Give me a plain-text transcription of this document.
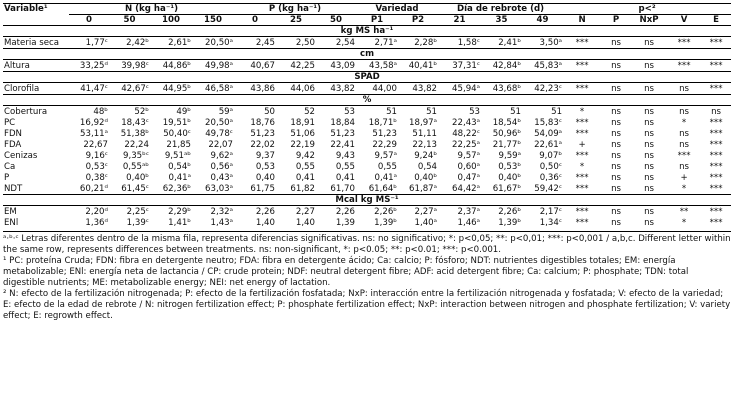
Variable¹	N (kg ha⁻¹)				P (kg ha⁻¹)			Variedad		Día de rebrote (d)			p<²				
	0	50	100	150	0	25	50	P1	P2	21	35	49	N	P	NxP	V	E
kg MS ha⁻¹																	
Materia seca	1,77ᶜ	2,42ᵇ	2,61ᵇ	20,50ᵃ	2,45	2,50	2,54	2,71ᵃ	2,28ᵇ	1,58ᶜ	2,41ᵇ	3,50ᵃ	***	ns	ns	***	***
cm																	
Altura	33,25ᵈ	39,98ᶜ	44,86ᵇ	49,98ᵃ	40,67	42,25	43,09	43,58ᵃ	40,41ᵇ	37,31ᶜ	42,84ᵇ	45,83ᵃ	***	ns	ns	***	***
SPAD																	
Clorofila	41,47ᶜ	42,67ᶜ	44,95ᵇ	46,58ᵃ	43,86	44,06	43,82	44,00	43,82	45,94ᵃ	43,68ᵇ	42,23ᶜ	***	ns	ns	ns	***
%																	
Cobertura	48ᵇ	52ᵇ	49ᵇ	59ᵃ	50	52	53	51	51	53	51	51	*	ns	ns	ns	ns
PC	16,92ᵈ	18,43ᶜ	19,51ᵇ	20,50ᵃ	18,76	18,91	18,84	18,71ᵇ	18,97ᵃ	22,43ᵃ	18,54ᵇ	15,83ᶜ	***	ns	ns	*	***
FDN	53,11ᵃ	51,38ᵇ	50,40ᶜ	49,78ᶜ	51,23	51,06	51,23	51,23	51,11	48,22ᶜ	50,96ᵇ	54,09ᵃ	***	ns	ns	ns	***
FDA	22,67	22,24	21,85	22,07	22,02	22,19	22,41	22,29	22,13	22,25ᵃ	21,77ᵇ	22,61ᵃ	+	ns	ns	ns	***
Cenizas	9,16ᶜ	9,35ᵇᶜ	9,51ᵃᵇ	9,62ᵃ	9,37	9,42	9,43	9,57ᵃ	9,24ᵇ	9,57ᵃ	9,59ᵃ	9,07ᵇ	***	ns	ns	***	***
Ca	0,53ᶜ	0,55ᵃᵇ	0,54ᵇ	0,56ᵃ	0,53	0,55	0,55	0,55	0,54	0,60ᵃ	0,53ᵇ	0,50ᶜ	*	ns	ns	ns	***
P	0,38ᶜ	0,40ᵇ	0,41ᵃ	0,43ᵃ	0,40	0,41	0,41	0,41ᵃ	0,40ᵇ	0,47ᵃ	0,40ᵇ	0,36ᶜ	***	ns	ns	+	***
NDT	60,21ᵈ	61,45ᶜ	62,36ᵇ	63,03ᵃ	61,75	61,82	61,70	61,64ᵇ	61,87ᵃ	64,42ᵃ	61,67ᵇ	59,42ᶜ	***	ns	ns	*	***
Mcal kg MS⁻¹																	
EM	2,20ᵈ	2,25ᶜ	2,29ᵇ	2,32ᵃ	2,26	2,27	2,26	2,26ᵇ	2,27ᵃ	2,37ᵃ	2,26ᵇ	2,17ᶜ	***	ns	ns	**	***
ENl	1,36ᵈ	1,39ᶜ	1,41ᵇ	1,43ᵃ	1,40	1,40	1,39	1,39ᵇ	1,40ᵃ	1,46ᵃ	1,39ᵇ	1,34ᶜ	***	ns	ns	*	***

ᵃ·ᵇ·ᶜ Letras diferentes dentro de la misma fila, representa diferencias significativas. ns: no significativo; *: p<0,05; **: p<0,01; ***: p<0,001 / a,b,c. Different letter within the same row, represents differences between treatments. ns: non-significant, *: p<0.05; **: p<0.01; ***: p<0.001.

¹ PC: proteína Cruda; FDN: fibra en detergente neutro; FDA: fibra en detergente ácido; Ca: calcio; P: fósforo; NDT: nutrientes digestibles totales; EM: energía metabolizable; ENl: energía neta de lactancia / CP: crude protein; NDF: neutral detergent fibre; ADF: acid detergent fibre; Ca: calcium; P: phosphate; TDN: total digestible nutrients; ME: metabolizable energy; NEI: net energy of lactation.

² N: efecto de la fertilización nitrogenada; P: efecto de la fertilización fosfatada; NxP: interacción entre la fertilización nitrogenada y fosfatada; V: efecto de la variedad; E: efecto de la edad de rebrote / N: nitrogen fertilization effect; P: phosphate fertilization effect; NxP: interaction between nitrogen and phosphate fertilization; V: variety effect; E: regrowth effect.
